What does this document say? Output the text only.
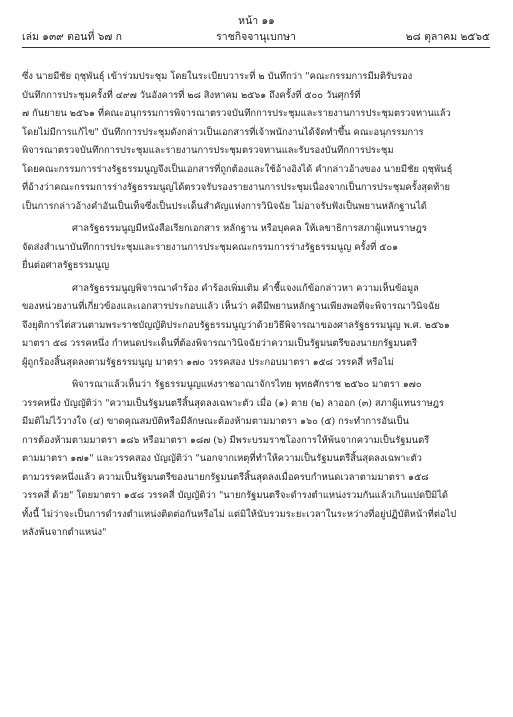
หน้า ๑๑
ราชกิจจานุเบกษา
เล่ม ๑๓๙ ตอนที่ ๖๗ ก	๒๘ ตุลาคม ๒๕๖๕
ซึ่ง นายมีชัย ฤชุพันธุ์ เข้าร่วมประชุม โดยในระเบียบวาระที่ ๒ บันทึกว่า "คณะกรรมการมีมติรับรอง
บันทึกการประชุมครั้งที่ ๔๙๗ วันอังคารที่ ๒๘ สิงหาคม ๒๕๖๑ ถึงครั้งที่ ๕๐๐ วันศุกร์ที่
๗ กันยายน ๒๕๖๑ ที่คณะอนุกรรมการพิจารณาตรวจบันทึกการประชุมและรายงานการประชุมตรวจทานแล้ว
โดยไม่มีการแก้ไข" บันทึกการประชุมดังกล่าวเป็นเอกสารที่เจ้าพนักงานได้จัดทำขึ้น คณะอนุกรรมการ
พิจารณาตรวจบันทึกการประชุมและรายงานการประชุมตรวจทานและรับรองบันทึกการประชุม
โดยคณะกรรมการร่างรัฐธรรมนูญจึงเป็นเอกสารที่ถูกต้องและใช้อ้างอิงได้ คำกล่าวอ้างของ นายมีชัย ฤชุพันธุ์
ที่อ้างว่าคณะกรรมการร่างรัฐธรรมนูญได้ตรวจรับรองรายงานการประชุมเนื่องจากเป็นการประชุมครั้งสุดท้าย
เป็นการกล่าวอ้างคำอันเป็นเท็จซึ่งเป็นประเด็นสำคัญแห่งการวินิจฉัย ไม่อาจรับฟังเป็นพยานหลักฐานได้
ศาลรัฐธรรมนูญมีหนังสือเรียกเอกสาร หลักฐาน หรือบุคคล ให้เลขาธิการสภาผู้แทนราษฎร
จัดส่งสำเนาบันทึกการประชุมและรายงานการประชุมคณะกรรมการร่างรัฐธรรมนูญ ครั้งที่ ๕๐๑
ยื่นต่อศาลรัฐธรรมนูญ
ศาลรัฐธรรมนูญพิจารณาคำร้อง คำร้องเพิ่มเติม คำชี้แจงแก้ข้อกล่าวหา ความเห็นข้อมูล
ของหน่วยงานที่เกี่ยวข้องและเอกสารประกอบแล้ว เห็นว่า คดีมีพยานหลักฐานเพียงพอที่จะพิจารณาวินิจฉัย
จึงยุติการไต่สวนตามพระราชบัญญัติประกอบรัฐธรรมนูญว่าด้วยวิธีพิจารณาของศาลรัฐธรรมนูญ พ.ศ. ๒๕๖๑
มาตรา ๕๘ วรรคหนึ่ง กำหนดประเด็นที่ต้องพิจารณาวินิจฉัยว่าความเป็นรัฐมนตรีของนายกรัฐมนตรี
ผู้ถูกร้องสิ้นสุดลงตามรัฐธรรมนูญ มาตรา ๑๗๐ วรรคสอง ประกอบมาตรา ๑๕๘ วรรคสี่ หรือไม่
พิจารณาแล้วเห็นว่า รัฐธรรมนูญแห่งราชอาณาจักรไทย พุทธศักราช ๒๕๖๐ มาตรา ๑๗๐
วรรคหนึ่ง บัญญัติว่า "ความเป็นรัฐมนตรีสิ้นสุดลงเฉพาะตัว เมื่อ (๑) ตาย (๒) ลาออก (๓) สภาผู้แทนราษฎร
มีมติไม่ไว้วางใจ (๔) ขาดคุณสมบัติหรือมีลักษณะต้องห้ามตามมาตรา ๑๖๐ (๕) กระทำการอันเป็น
การต้องห้ามตามมาตรา ๑๘๖ หรือมาตรา ๑๘๗ (๖) มีพระบรมราชโองการให้พ้นจากความเป็นรัฐมนตรี
ตามมาตรา ๑๗๑" และวรรคสอง บัญญัติว่า "นอกจากเหตุที่ทำให้ความเป็นรัฐมนตรีสิ้นสุดลงเฉพาะตัว
ตามวรรคหนึ่งแล้ว ความเป็นรัฐมนตรีของนายกรัฐมนตรีสิ้นสุดลงเมื่อครบกำหนดเวลาตามมาตรา ๑๕๘
วรรคสี่ ด้วย" โดยมาตรา ๑๕๘ วรรคสี่ บัญญัติว่า "นายกรัฐมนตรีจะดำรงตำแหน่งรวมกันแล้วเกินแปดปีมิได้
ทั้งนี้ ไม่ว่าจะเป็นการดำรงตำแหน่งติดต่อกันหรือไม่ แต่มิให้นับรวมระยะเวลาในระหว่างที่อยู่ปฏิบัติหน้าที่ต่อไป
หลังพ้นจากตำแหน่ง"
